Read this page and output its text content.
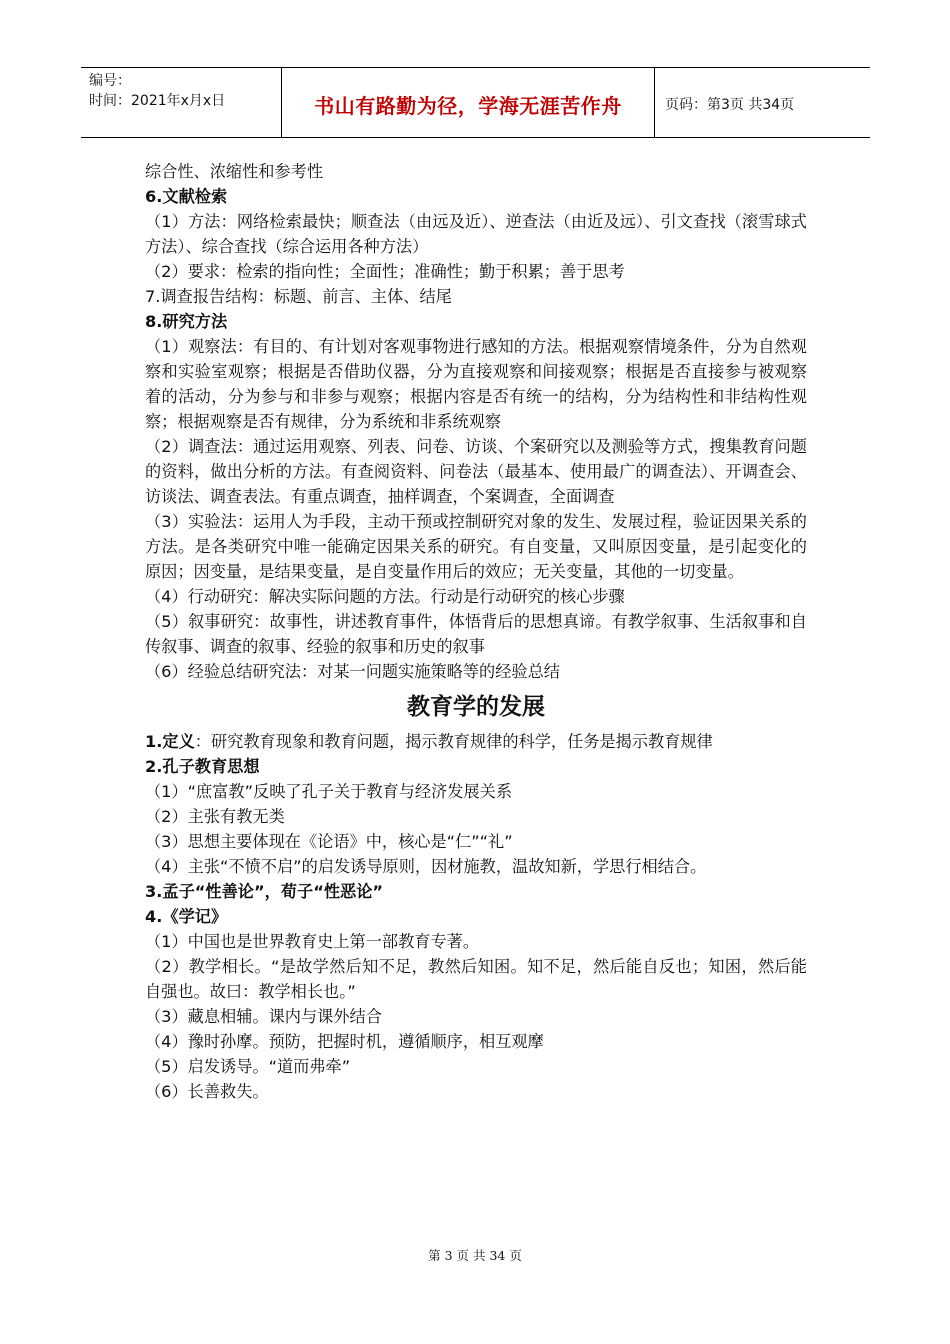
编号：
时间：2021年x月x日	书山有路勤为径，学海无涯苦作舟	页码：第3页 共34页

综合性、浓缩性和参考性

6.文献检索

（1）方法：网络检索最快；顺查法（由远及近）、逆查法（由近及远）、引文查找（滚雪球式方法）、综合查找（综合运用各种方法）

（2）要求：检索的指向性；全面性；准确性；勤于积累；善于思考

7.调查报告结构：标题、前言、主体、结尾

8.研究方法

（1）观察法：有目的、有计划对客观事物进行感知的方法。根据观察情境条件，分为自然观察和实验室观察；根据是否借助仪器，分为直接观察和间接观察；根据是否直接参与被观察着的活动，分为参与和非参与观察；根据内容是否有统一的结构，分为结构性和非结构性观察；根据观察是否有规律，分为系统和非系统观察

（2）调查法：通过运用观察、列表、问卷、访谈、个案研究以及测验等方式，搜集教育问题的资料，做出分析的方法。有查阅资料、问卷法（最基本、使用最广的调查法）、开调查会、访谈法、调查表法。有重点调查，抽样调查，个案调查，全面调查

（3）实验法：运用人为手段，主动干预或控制研究对象的发生、发展过程，验证因果关系的方法。是各类研究中唯一能确定因果关系的研究。有自变量，又叫原因变量，是引起变化的原因；因变量，是结果变量，是自变量作用后的效应；无关变量，其他的一切变量。

（4）行动研究：解决实际问题的方法。行动是行动研究的核心步骤

（5）叙事研究：故事性，讲述教育事件，体悟背后的思想真谛。有教学叙事、生活叙事和自传叙事、调查的叙事、经验的叙事和历史的叙事

（6）经验总结研究法：对某一问题实施策略等的经验总结

教育学的发展

1.定义：研究教育现象和教育问题，揭示教育规律的科学，任务是揭示教育规律

2.孔子教育思想

（1）“庶富教”反映了孔子关于教育与经济发展关系

（2）主张有教无类

（3）思想主要体现在《论语》中，核心是“仁”“礼”

（4）主张“不愤不启”的启发诱导原则，因材施教，温故知新，学思行相结合。

3.孟子“性善论”，荀子“性恶论”

4.《学记》

（1）中国也是世界教育史上第一部教育专著。

（2）教学相长。“是故学然后知不足，教然后知困。知不足，然后能自反也；知困，然后能自强也。故曰：教学相长也。”

（3）藏息相辅。课内与课外结合

（4）豫时孙摩。预防，把握时机，遵循顺序，相互观摩

（5）启发诱导。“道而弗牵”

（6）长善救失。

第 3 页 共 34 页
